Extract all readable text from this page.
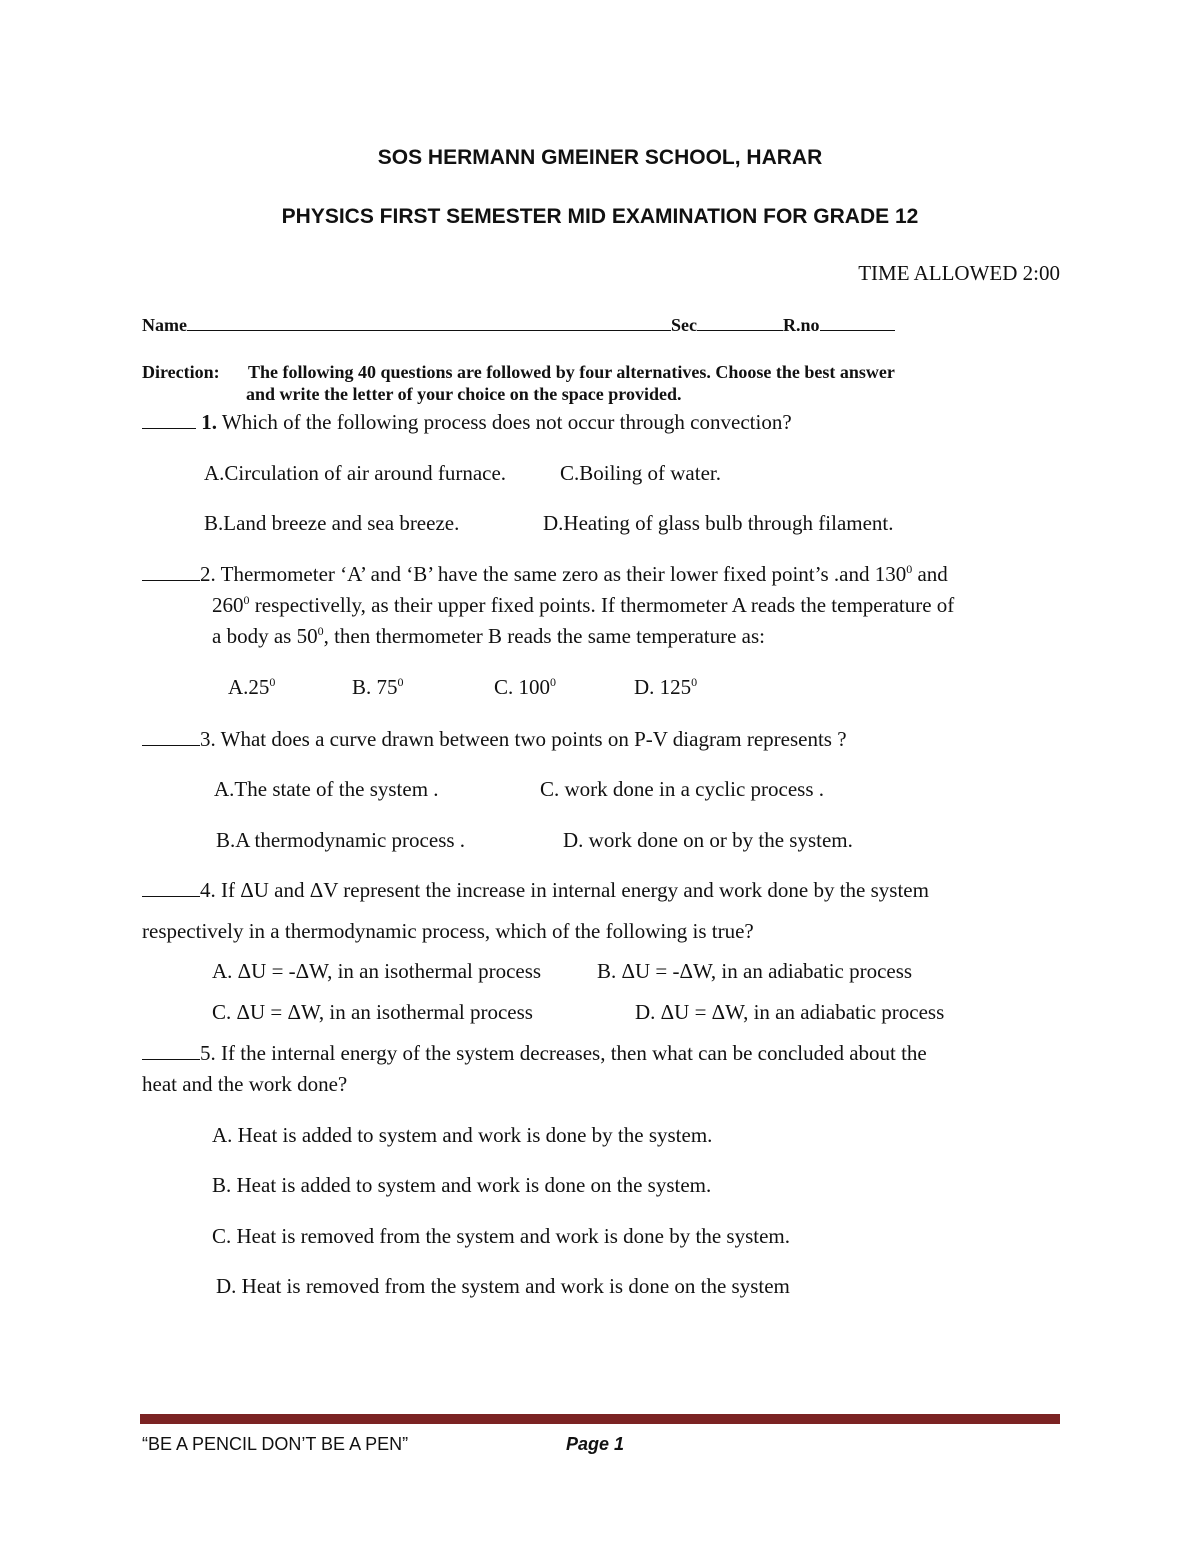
SOS HERMANN GMEINER SCHOOL, HARAR
PHYSICS FIRST SEMESTER MID EXAMINATION FOR GRADE 12
TIME ALLOWED 2:00
Name	Sec	R.no
Direction: The following 40 questions are followed by four alternatives. Choose the best answer
and write the letter of your choice on the space provided.
1. Which of the following process does not occur through convection?
A.Circulation of air around furnace.	C.Boiling of water.
B.Land breeze and sea breeze.	D.Heating of glass bulb through filament.
2. Thermometer ‘A’ and ‘B’ have the same zero as their lower fixed point’s .and $130^0$ and
$260^0$ respectivelly, as their upper fixed points. If thermometer A reads the temperature of
a body as $50^0$, then thermometer B reads the same temperature as:
$A.25^0$	B. $75^0$	C. $100^0$	D. $125^0$
3. What does a curve drawn between two points on P-V diagram represents ?
A.The state of the system .	C. work done in a cyclic process .
B.A thermodynamic process .	D. work done on or by the system.
4. If ΔU and ΔV represent the increase in internal energy and work done by the system
respectively in a thermodynamic process, which of the following is true?
A. ΔU = -ΔW, in an isothermal process	B. ΔU = -ΔW, in an adiabatic process
C. ΔU = ΔW, in an isothermal process	D. ΔU = ΔW, in an adiabatic process
5. If the internal energy of the system decreases, then what can be concluded about the
heat and the work done?
A. Heat is added to system and work is done by the system.
B. Heat is added to system and work is done on the system.
C. Heat is removed from the system and work is done by the system.
D. Heat is removed from the system and work is done on the system
“BE A PENCIL DON’T BE A PEN”	Page 1
